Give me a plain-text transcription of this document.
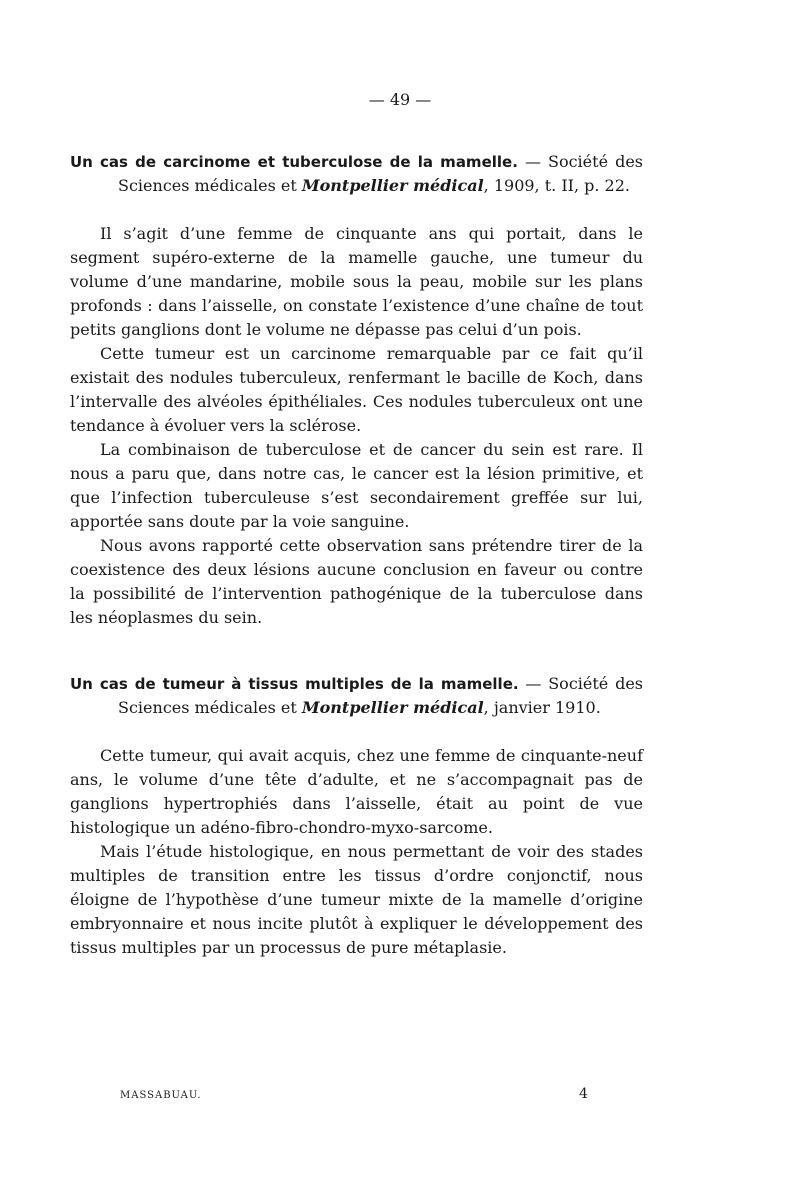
— 49 —

Un cas de carcinome et tuberculose de la mamelle. — Société des Sciences médicales et Montpellier médical, 1909, t. II, p. 22.

Il s’agit d’une femme de cinquante ans qui portait, dans le segment supéro-externe de la mamelle gauche, une tumeur du volume d’une mandarine, mobile sous la peau, mobile sur les plans profonds : dans l’aisselle, on constate l’existence d’une chaîne de tout petits ganglions dont le volume ne dépasse pas celui d’un pois.

Cette tumeur est un carcinome remarquable par ce fait qu’il existait des nodules tuberculeux, renfermant le bacille de Koch, dans l’intervalle des alvéoles épithéliales. Ces nodules tuberculeux ont une tendance à évoluer vers la sclérose.

La combinaison de tuberculose et de cancer du sein est rare. Il nous a paru que, dans notre cas, le cancer est la lésion primitive, et que l’infection tuberculeuse s’est secondairement greffée sur lui, apportée sans doute par la voie sanguine.

Nous avons rapporté cette observation sans prétendre tirer de la coexistence des deux lésions aucune conclusion en faveur ou contre la possibilité de l’intervention pathogénique de la tuberculose dans les néoplasmes du sein.

Un cas de tumeur à tissus multiples de la mamelle. — Société des Sciences médicales et Montpellier médical, janvier 1910.

Cette tumeur, qui avait acquis, chez une femme de cinquante-neuf ans, le volume d’une tête d’adulte, et ne s’accompagnait pas de ganglions hypertrophiés dans l’aisselle, était au point de vue histologique un adéno-fibro-chondro-myxo-sarcome.

Mais l’étude histologique, en nous permettant de voir des stades multiples de transition entre les tissus d’ordre conjonctif, nous éloigne de l’hypothèse d’une tumeur mixte de la mamelle d’origine embryonnaire et nous incite plutôt à expliquer le développement des tissus multiples par un processus de pure métaplasie.

MASSABUAU.	4
